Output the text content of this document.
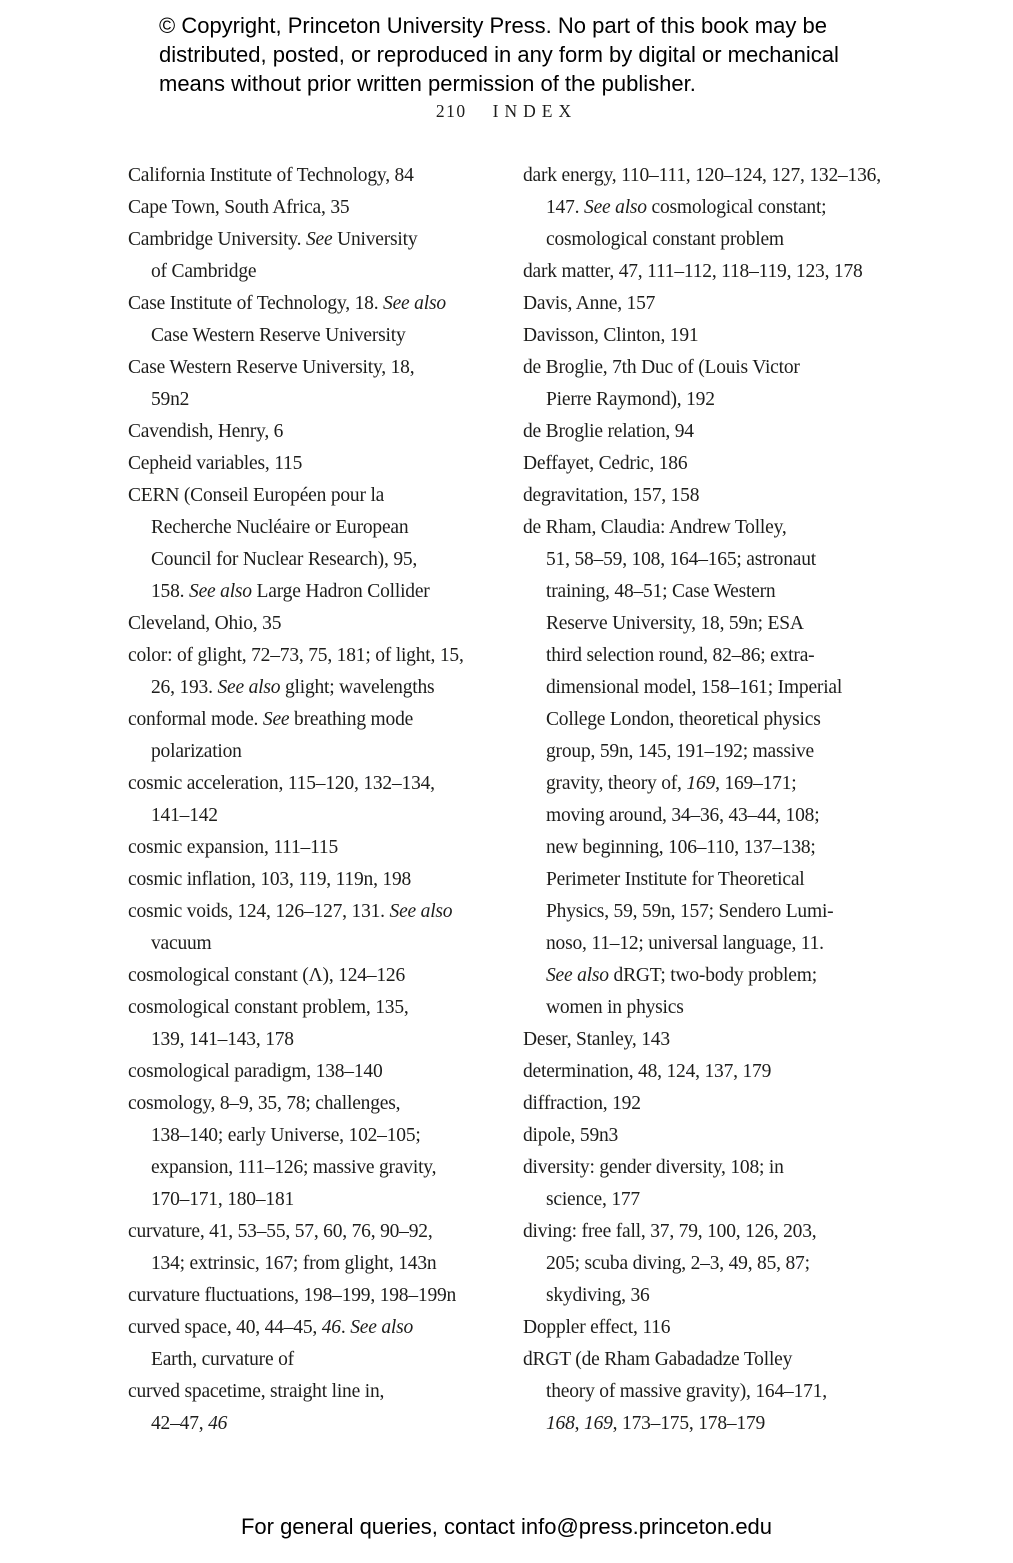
© Copyright, Princeton University Press. No part of this book may be
distributed, posted, or reproduced in any form by digital or mechanical
means without prior written permission of the publisher.
210 INDEX
California Institute of Technology, 84
Cape Town, South Africa, 35
Cambridge University. See University
of Cambridge
Case Institute of Technology, 18. See also
Case Western Reserve University
Case Western Reserve University, 18,
59n2
Cavendish, Henry, 6
Cepheid variables, 115
CERN (Conseil Européen pour la
Recherche Nucléaire or European
Council for Nuclear Research), 95,
158. See also Large Hadron Collider
Cleveland, Ohio, 35
color: of glight, 72–73, 75, 181; of light, 15,
26, 193. See also glight; wavelengths
conformal mode. See breathing mode
polarization
cosmic acceleration, 115–120, 132–134,
141–142
cosmic expansion, 111–115
cosmic inflation, 103, 119, 119n, 198
cosmic voids, 124, 126–127, 131. See also
vacuum
cosmological constant (Λ), 124–126
cosmological constant problem, 135,
139, 141–143, 178
cosmological paradigm, 138–140
cosmology, 8–9, 35, 78; challenges,
138–140; early Universe, 102–105;
expansion, 111–126; massive gravity,
170–171, 180–181
curvature, 41, 53–55, 57, 60, 76, 90–92,
134; extrinsic, 167; from glight, 143n
curvature fluctuations, 198–199, 198–199n
curved space, 40, 44–45, 46. See also
Earth, curvature of
curved spacetime, straight line in,
42–47, 46
dark energy, 110–111, 120–124, 127, 132–136,
147. See also cosmological constant;
cosmological constant problem
dark matter, 47, 111–112, 118–119, 123, 178
Davis, Anne, 157
Davisson, Clinton, 191
de Broglie, 7th Duc of (Louis Victor
Pierre Raymond), 192
de Broglie relation, 94
Deffayet, Cedric, 186
degravitation, 157, 158
de Rham, Claudia: Andrew Tolley,
51, 58–59, 108, 164–165; astronaut
training, 48–51; Case Western
Reserve University, 18, 59n; ESA
third selection round, 82–86; extra-
dimensional model, 158–161; Imperial
College London, theoretical physics
group, 59n, 145, 191–192; massive
gravity, theory of, 169, 169–171;
moving around, 34–36, 43–44, 108;
new beginning, 106–110, 137–138;
Perimeter Institute for Theoretical
Physics, 59, 59n, 157; Sendero Lumi-
noso, 11–12; universal language, 11.
See also dRGT; two-body problem;
women in physics
Deser, Stanley, 143
determination, 48, 124, 137, 179
diffraction, 192
dipole, 59n3
diversity: gender diversity, 108; in
science, 177
diving: free fall, 37, 79, 100, 126, 203,
205; scuba diving, 2–3, 49, 85, 87;
skydiving, 36
Doppler effect, 116
dRGT (de Rham Gabadadze Tolley
theory of massive gravity), 164–171,
168, 169, 173–175, 178–179
For general queries, contact info@press.princeton.edu
